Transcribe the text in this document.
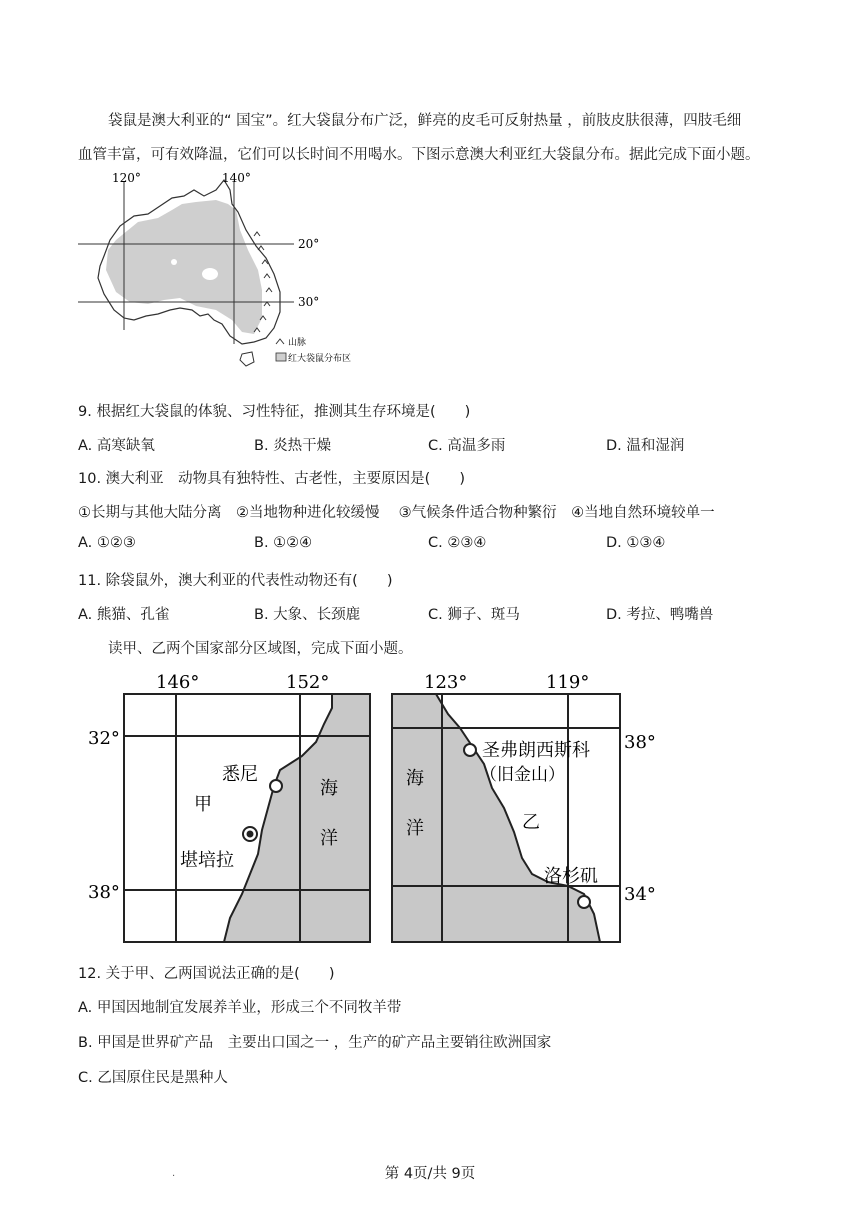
袋鼠是澳大利亚的“ 国宝”。红大袋鼠分布广泛，鲜亮的皮毛可反射热量 ，前肢皮肤很薄，四肢毛细
血管丰富，可有效降温，它们可以长时间不用喝水。下图示意澳大利亚红大袋鼠分布。据此完成下面小题。
120°	140°
20°
30°
山脉
红大袋鼠分布区
9. 根据红大袋鼠的体貌、习性特征，推测其生存环境是(　　)
A. 高寒缺氧	B. 炎热干燥	C. 高温多雨	D. 温和湿润
10. 澳大利亚　动物具有独特性、古老性，主要原因是(　　)
①长期与其他大陆分离　②当地物种进化较缓慢　 ③气候条件适合物种繁衍　④当地自然环境较单一
A. ①②③	B. ①②④	C. ②③④	D. ①③④
11. 除袋鼠外，澳大利亚的代表性动物还有(　　)
A. 熊猫、孔雀	B. 大象、长颈鹿	C. 狮子、斑马	D. 考拉、鸭嘴兽
读甲、乙两个国家部分区域图，完成下面小题。
146°	152°
32°
38°
悉尼
堪培拉
甲
海
洋
123°	119°
38°
34°
圣弗朗西斯科
（旧金山）
洛杉矶
乙
海
洋
12. 关于甲、乙两国说法正确的是(　　)
A. 甲国因地制宜发展养羊业，形成三个不同牧羊带
B. 甲国是世界矿产品　主要出口国之一 ，生产的矿产品主要销往欧洲国家
C. 乙国原住民是黑种人
.	第 4页/共 9页
